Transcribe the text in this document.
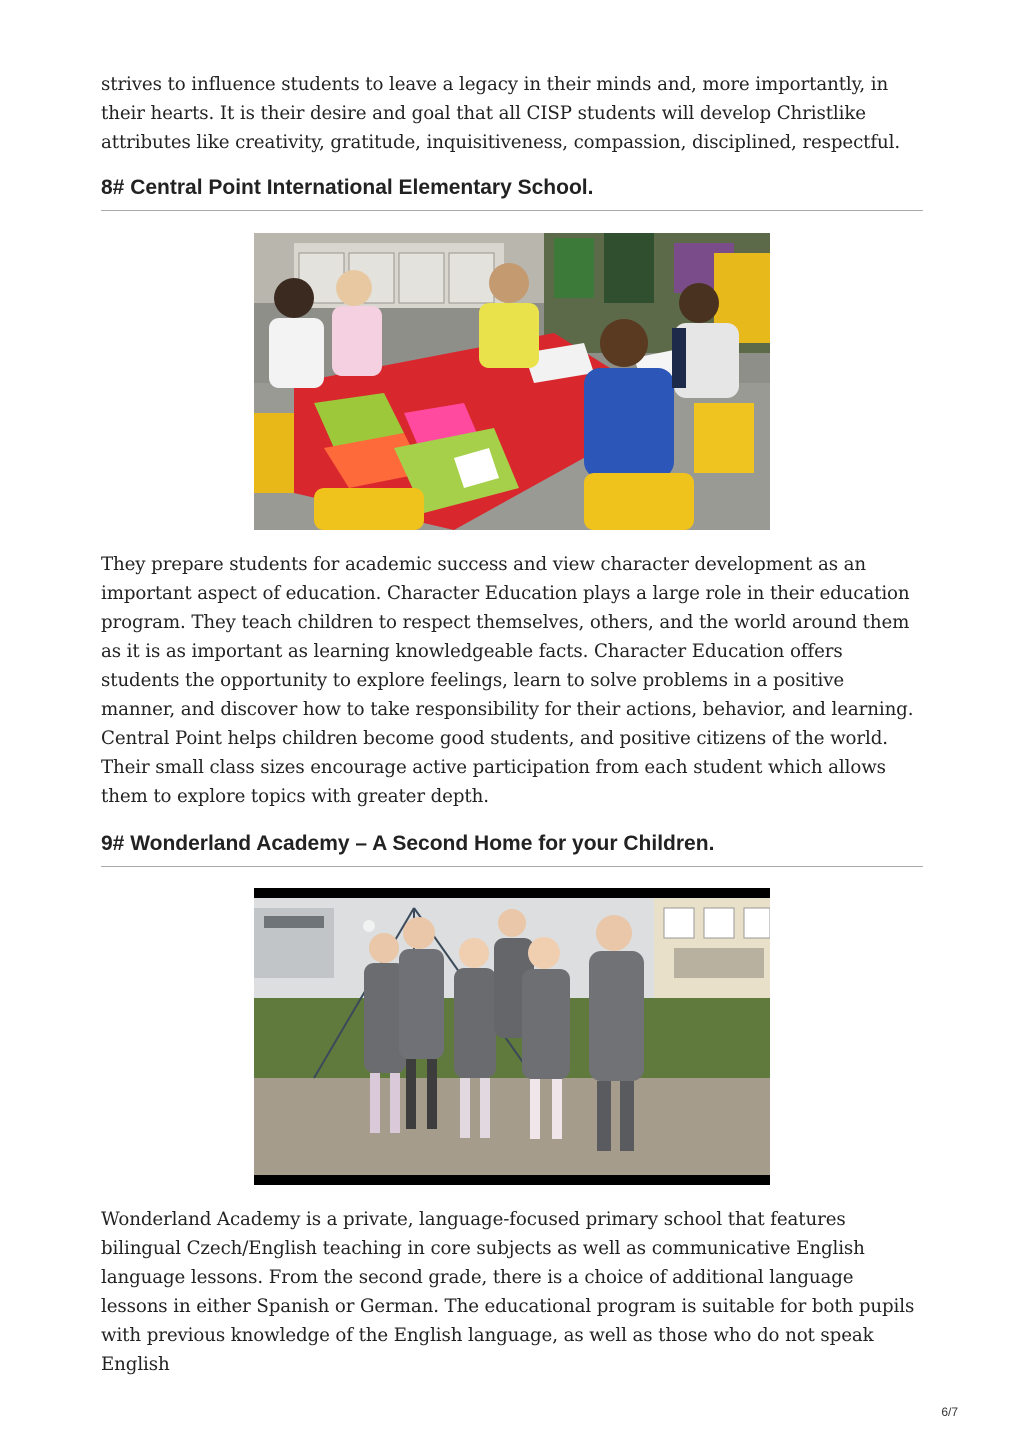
strives to influence students to leave a legacy in their minds and, more importantly, in their hearts. It is their desire and goal that all CISP students will develop Christlike attributes like creativity, gratitude, inquisitiveness, compassion, disciplined, respectful.

8# Central Point International Elementary School.

They prepare students for academic success and view character development as an important aspect of education. Character Education plays a large role in their education program. They teach children to respect themselves, others, and the world around them as it is as important as learning knowledgeable facts. Character Education offers students the opportunity to explore feelings, learn to solve problems in a positive manner, and discover how to take responsibility for their actions, behavior, and learning. Central Point helps children become good students, and positive citizens of the world. Their small class sizes encourage active participation from each student which allows them to explore topics with greater depth.

9# Wonderland Academy – A Second Home for your Children.

Wonderland Academy is a private, language-focused primary school that features bilingual Czech/English teaching in core subjects as well as communicative English language lessons. From the second grade, there is a choice of additional language lessons in either Spanish or German. The educational program is suitable for both pupils with previous knowledge of the English language, as well as those who do not speak English

6/7
